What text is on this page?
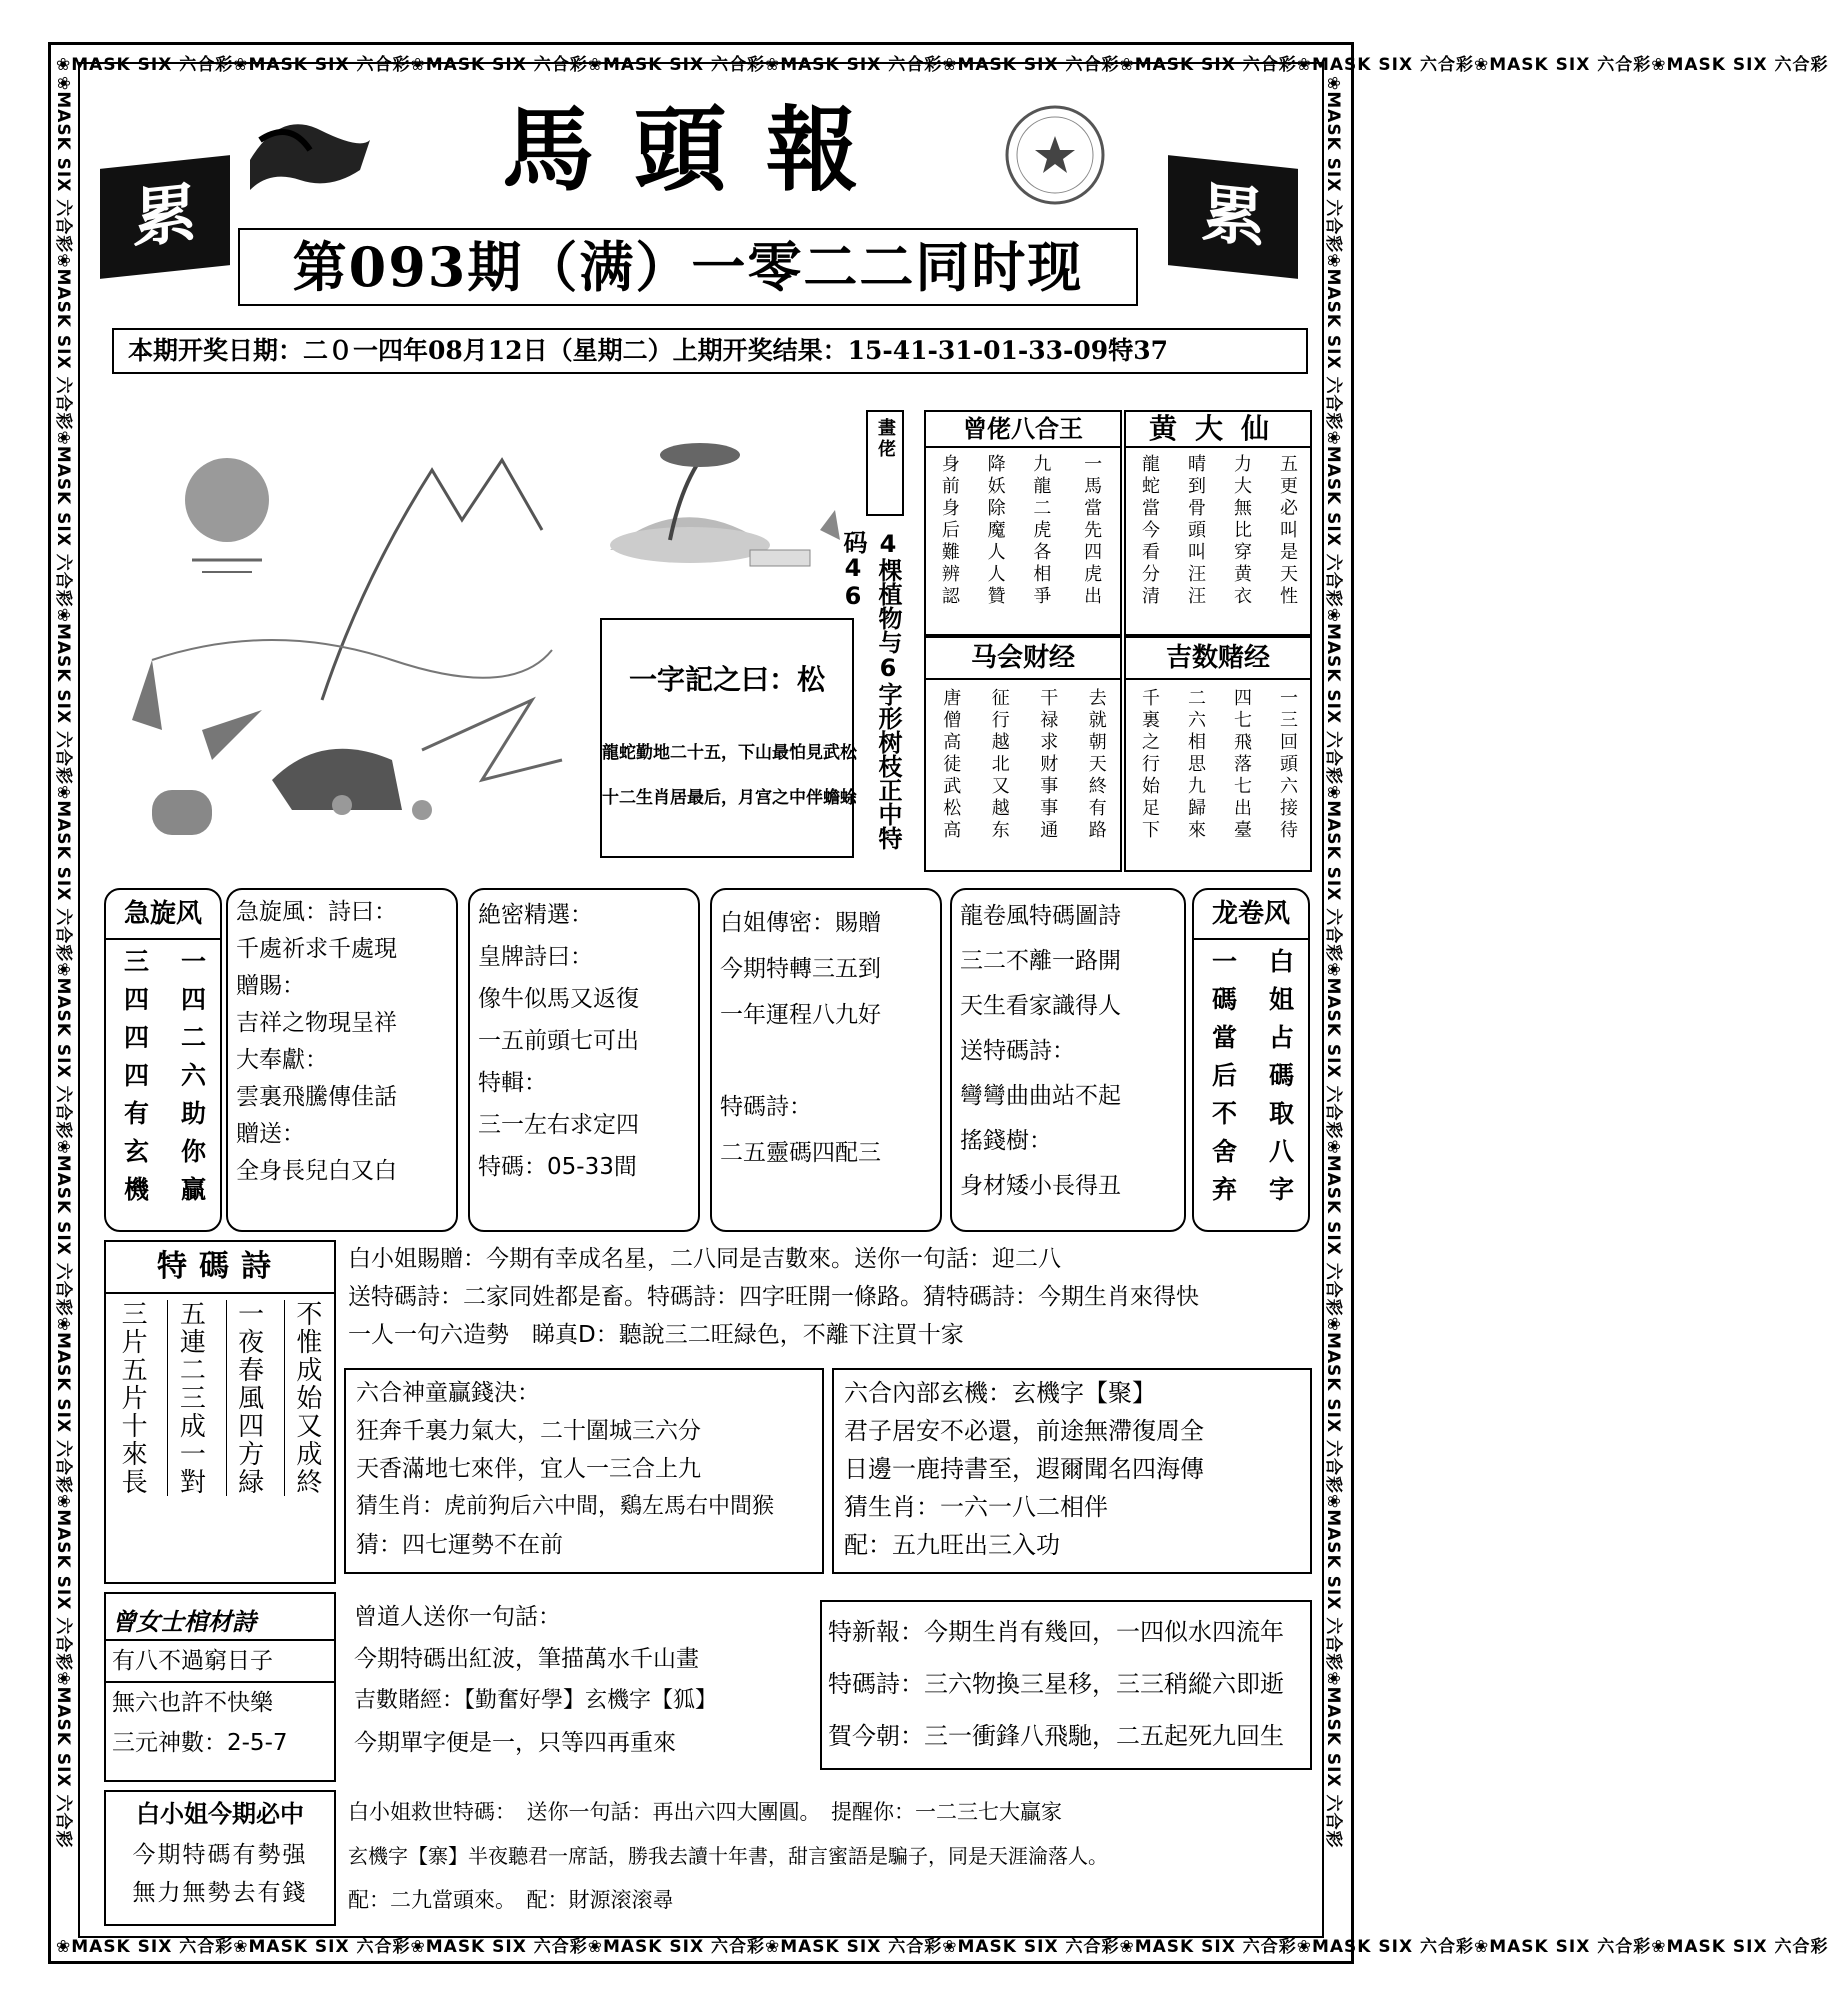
❀MASK SIX 六合彩❀MASK SIX 六合彩❀MASK SIX 六合彩❀MASK SIX 六合彩❀MASK SIX 六合彩❀MASK SIX 六合彩❀MASK SIX 六合彩❀MASK SIX 六合彩❀MASK SIX 六合彩❀MASK SIX 六合彩
❀MASK SIX 六合彩❀MASK SIX 六合彩❀MASK SIX 六合彩❀MASK SIX 六合彩❀MASK SIX 六合彩❀MASK SIX 六合彩❀MASK SIX 六合彩❀MASK SIX 六合彩❀MASK SIX 六合彩❀MASK SIX 六合彩
❀MASK SIX 六合彩❀MASK SIX 六合彩❀MASK SIX 六合彩❀MASK SIX 六合彩❀MASK SIX 六合彩❀MASK SIX 六合彩❀MASK SIX 六合彩❀MASK SIX 六合彩❀MASK SIX 六合彩❀MASK SIX 六合彩	❀MASK SIX 六合彩❀MASK SIX 六合彩❀MASK SIX 六合彩❀MASK SIX 六合彩❀MASK SIX 六合彩❀MASK SIX 六合彩❀MASK SIX 六合彩❀MASK SIX 六合彩❀MASK SIX 六合彩❀MASK SIX 六合彩
馬頭報
累	累
第093期（满）一零二二同时现
本期开奖日期：二０一四年08月12日（星期二）上期开奖结果：15-41-31-01-33-09特37
畫佬
4棵植物与6字形树枝正中特码46
一字記之曰：松
龍蛇勤地二十五，下山最怕見武松
十二生肖居最后，月宫之中伴蟾蜍
曾佬八合王
一馬當先四虎出
九龍二虎各相爭
降妖除魔人人贊
身前身后難辨認
黄大仙
五更必叫是天性
力大無比穿黄衣
晴到骨頭叫汪汪
龍蛇當今看分清
马会财经
去就朝天終有路
干禄求财事事通
征行越北又越东
唐僧高徒武松高
吉数赌经
一三回頭六接待
四七飛落七出臺
二六相思九歸來
千裏之行始足下
急旋风
一四二六助你贏
三四四四有玄機
急旋風：詩曰：
千處祈求千處現
贈賜：
吉祥之物現呈祥
大奉獻：
雲裏飛騰傳佳話
贈送：
全身長兒白又白
絶密精選：
皇牌詩曰：
像牛似馬又返復
一五前頭七可出
特輯：
三一左右求定四
特碼：05-33間
白姐傳密：賜贈
今期特轉三五到
一年運程八九好
特碼詩：
二五靈碼四配三
龍卷風特碼圖詩
三二不離一路開
天生看家識得人
送特碼詩：
彎彎曲曲站不起
搖錢樹：
身材矮小長得丑
龙卷风
白姐占碼取八字
一碼當后不舍弃
特碼詩
不惟成始又成終
一夜春風四方緑
五連二三成一對
三片五片十來長
白小姐賜贈：今期有幸成名星，二八同是吉數來。送你一句話：迎二八
送特碼詩：二家同姓都是畜。特碼詩：四字旺開一條路。猜特碼詩：今期生肖來得快
一人一句六造勢　睇真D：聽說三二旺緑色，不離下注買十家
六合神童贏錢決：
狂奔千裏力氣大，二十圍城三六分
天香滿地七來伴，宜人一三合上九
猜生肖：虎前狗后六中間，鷄左馬右中間猴
猜：四七運勢不在前
六合內部玄機：玄機字【聚】
君子居安不必還，前途無滯復周全
日邊一鹿持書至，遐爾聞名四海傳
猜生肖：一六一八二相伴
配：五九旺出三入功
曾女士棺材詩
有八不過窮日子
無六也許不快樂
三元神數：2-5-7
曾道人送你一句話：
今期特碼出紅波，筆描萬水千山畫
吉數賭經：【勤奮好學】玄機字【狐】
今期單字便是一，只等四再重來
特新報：今期生肖有幾回，一四似水四流年
特碼詩：三六物換三星移，三三稍縱六即逝
賀今朝：三一衝鋒八飛馳，二五起死九回生
白小姐今期必中
今期特碼有勢强
無力無勢去有錢
白小姐救世特碼：　送你一句話：再出六四大團圓。　提醒你：一二三七大贏家
玄機字【寨】半夜聽君一席話，勝我去讀十年書，甜言蜜語是騙子，同是天涯淪落人。
配：二九當頭來。　配：財源滚滚尋
